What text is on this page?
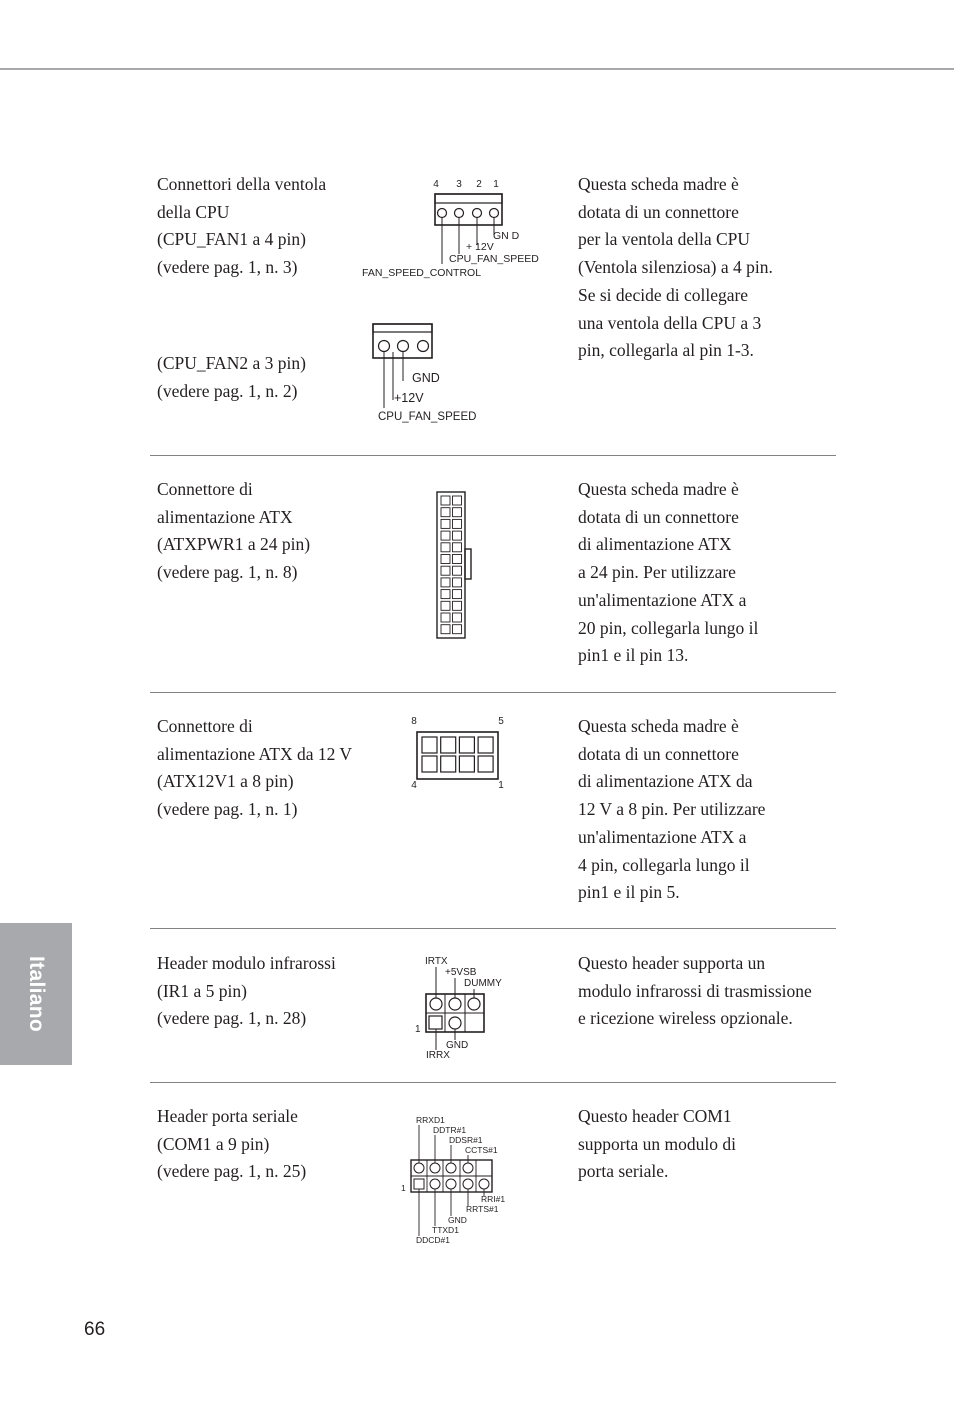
Connettori della ventola
della CPU
(CPU_FAN1 a 4 pin)
(vedere pag. 1, n. 3)
(CPU_FAN2 a 3 pin)
(vedere pag. 1, n. 2)
Questa scheda madre è
dotata di un connettore
per la ventola della CPU
(Ventola silenziosa) a 4 pin.
Se si decide di collegare
una ventola della CPU a 3
pin, collegarla al pin 1-3.
4 3 2 1
GN D
+ 12V
CPU_FAN_SPEED
FAN_SPEED_CONTROL
GND
+12V
CPU_FAN_SPEED
Connettore di
alimentazione ATX
(ATXPWR1 a 24 pin)
(vedere pag. 1, n. 8)
Questa scheda madre è
dotata di un connettore
di alimentazione ATX
a 24 pin. Per utilizzare
un'alimentazione ATX a
20 pin, collegarla lungo il
pin1 e il pin 13.
Connettore di
alimentazione ATX da 12 V
(ATX12V1 a 8 pin)
(vedere pag. 1, n. 1)
Questa scheda madre è
dotata di un connettore
di alimentazione ATX da
12 V a 8 pin. Per utilizzare
un'alimentazione ATX a
4 pin, collegarla lungo il
pin1 e il pin 5.
8	5
4	1
Header modulo infrarossi
(IR1 a 5 pin)
(vedere pag. 1, n. 28)
Questo header supporta un
modulo infrarossi di trasmissione
e ricezione wireless opzionale.
IRTX
+5VSB
DUMMY
1
GND
IRRX
Header porta seriale
(COM1 a 9 pin)
(vedere pag. 1, n. 25)
Questo header COM1
supporta un modulo di
porta seriale.
RRXD1
DDTR#1
DDSR#1
CCTS#1
1
RRI#1
RRTS#1
GND
TTXD1
DDCD#1
Italiano
66
